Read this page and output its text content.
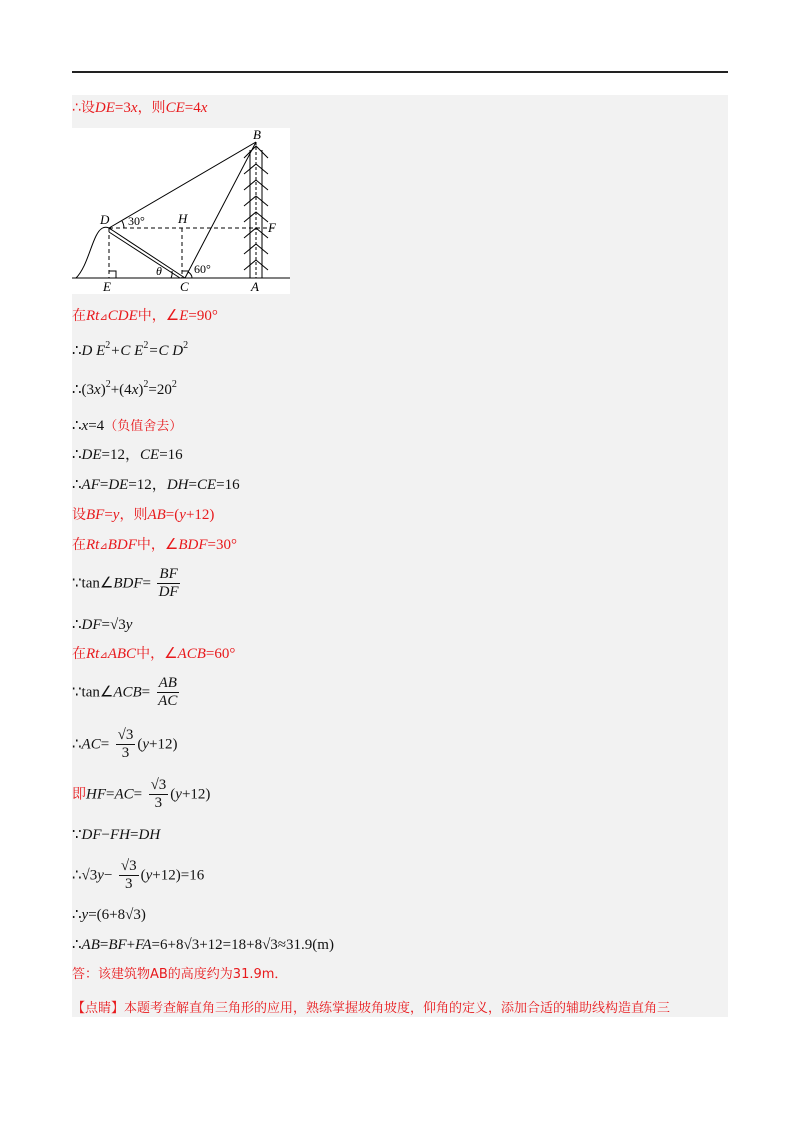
∴设DE=3x，则CE=4x
B
D	H
F
E	C	A
θ
30°
60°
在Rt⊿CDE中，∠E=90°
∴D $E^2+C$ $E^2=C$ $D^2$
$\therefore(3x)^2+(4x)^2=20^2$
∴x=4（负值舍去）
∴DE=12，CE=16
∴AF=DE=12，DH=CE=16
设BF=y，则AB=(y+12)
在Rt⊿BDF中，∠BDF=30°
∵tan∠BDF= $\frac{BF}{DF}$
∴DF=√3y
在Rt⊿ABC中，∠ACB=60°
∵tan∠ACB= $\frac{AB}{AC}$
∴AC= $\frac{√3}{3} (y+12)$
即$HF=AC= \frac{√3}{3} (y+12)$
∵DF−FH=DH
∴√3y− $\frac{√3}{3} (y+12)=16$
∴y=(6+8√3)
∴AB=BF+FA=6+8√3+12=18+8√3≈31.9(m)
答：该建筑物AB的高度约为31.9m．
【点睛】本题考查解直角三角形的应用，熟练掌握坡角坡度，仰角的定义，添加合适的辅助线构造直角三
